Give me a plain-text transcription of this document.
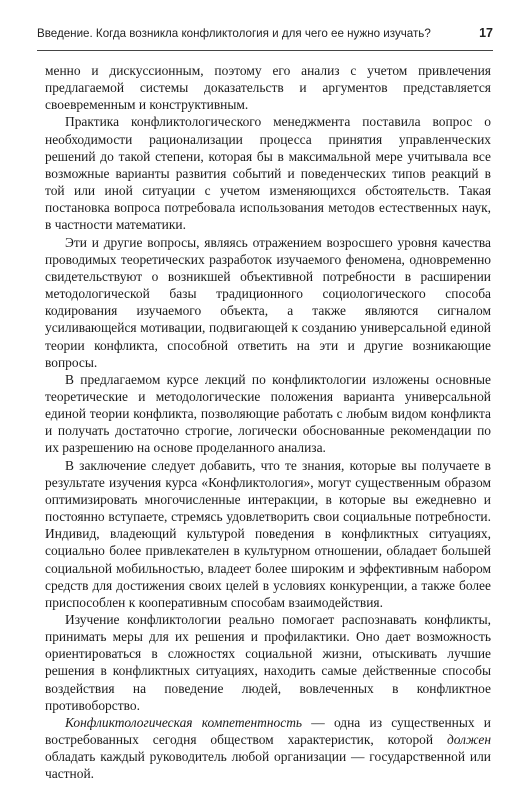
Введение. Когда возникла конфликтология и для чего ее нужно изучать?	17

менно и дискуссионным, поэтому его анализ с учетом привлечения предлагаемой системы доказательств и аргументов представляется своевременным и конструктивным.

Практика конфликтологического менеджмента поставила вопрос о необходимости рационализации процесса принятия управленческих решений до такой степени, которая бы в максимальной мере учитывала все возможные варианты развития событий и поведенческих типов реакций в той или иной ситуации с учетом изменяющихся обстоятельств. Такая постановка вопроса потребовала использования методов естественных наук, в частности математики.

Эти и другие вопросы, являясь отражением возросшего уровня качества проводимых теоретических разработок изучаемого феномена, одновременно свидетельствуют о возникшей объективной потребности в расширении методологической базы традиционного социологического способа кодирования изучаемого объекта, а также являются сигналом усиливающейся мотивации, подвигающей к созданию универсальной единой теории конфликта, способной ответить на эти и другие возникающие вопросы.

В предлагаемом курсе лекций по конфликтологии изложены основные теоретические и методологические положения варианта универсальной единой теории конфликта, позволяющие работать с любым видом конфликта и получать достаточно строгие, логически обоснованные рекомендации по их разрешению на основе проделанного анализа.

В заключение следует добавить, что те знания, которые вы получаете в результате изучения курса «Конфликтология», могут существенным образом оптимизировать многочисленные интеракции, в которые вы ежедневно и постоянно вступаете, стремясь удовлетворить свои социальные потребности. Индивид, владеющий культурой поведения в конфликтных ситуациях, социально более привлекателен в культурном отношении, обладает большей социальной мобильностью, владеет более широким и эффективным набором средств для достижения своих целей в условиях конкуренции, а также более приспособлен к кооперативным способам взаимодействия.

Изучение конфликтологии реально помогает распознавать конфликты, принимать меры для их решения и профилактики. Оно дает возможность ориентироваться в сложностях социальной жизни, отыскивать лучшие решения в конфликтных ситуациях, находить самые действенные способы воздействия на поведение людей, вовлеченных в конфликтное противоборство.

Конфликтологическая компетентность — одна из существенных и востребованных сегодня обществом характеристик, которой должен обладать каждый руководитель любой организации — государственной или частной.
